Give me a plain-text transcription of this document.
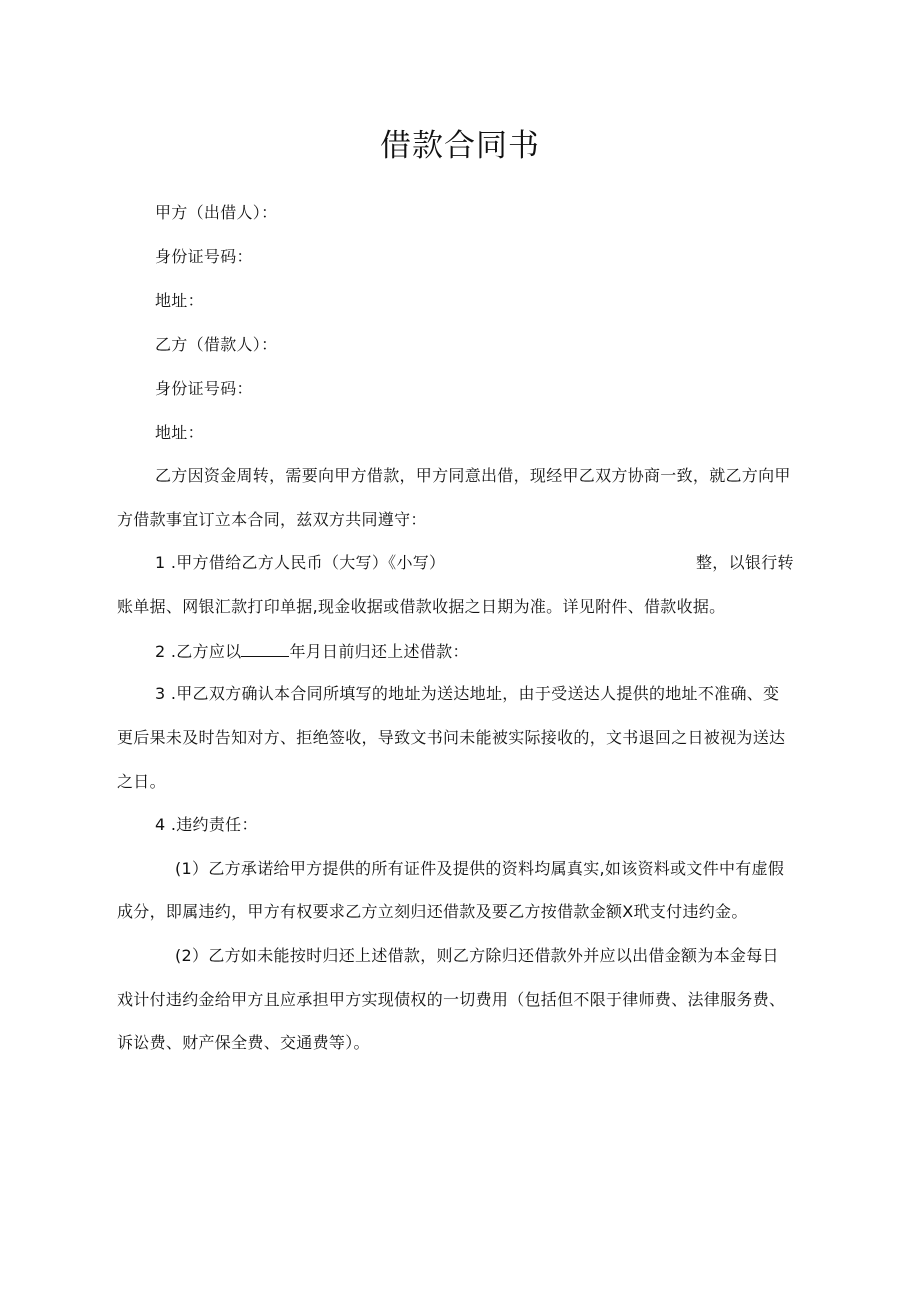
借款合同书
甲方（出借人）：
身份证号码：
地址：
乙方（借款人）：
身份证号码：
地址：
乙方因资金周转，需要向甲方借款，甲方同意出借，现经甲乙双方协商一致，就乙方向甲
方借款事宜订立本合同，兹双方共同遵守：
1 .甲方借给乙方人民币（大写）《小写）	整，以银行转
账单据、网银汇款打印单据,现金收据或借款收据之日期为准。详见附件、借款收据。
2 .乙方应以	年月日前归还上述借款：
3 .甲乙双方确认本合同所填写的地址为送达地址，由于受送达人提供的地址不准确、变
更后果未及时告知对方、拒绝签收，导致文书问未能被实际接收的，文书退回之日被视为送达
之日。
4 .违约责任：
(1）乙方承诺给甲方提供的所有证件及提供的资料均属真实,如该资料或文件中有虚假
成分，即属违约，甲方有权要求乙方立刻归还借款及要乙方按借款金额X玳支付违约金。
(2）乙方如未能按时归还上述借款，则乙方除归还借款外并应以出借金额为本金每日
戏计付违约金给甲方且应承担甲方实现债权的一切费用（包括但不限于律师费、法律服务费、
诉讼费、财产保全费、交通费等）。
